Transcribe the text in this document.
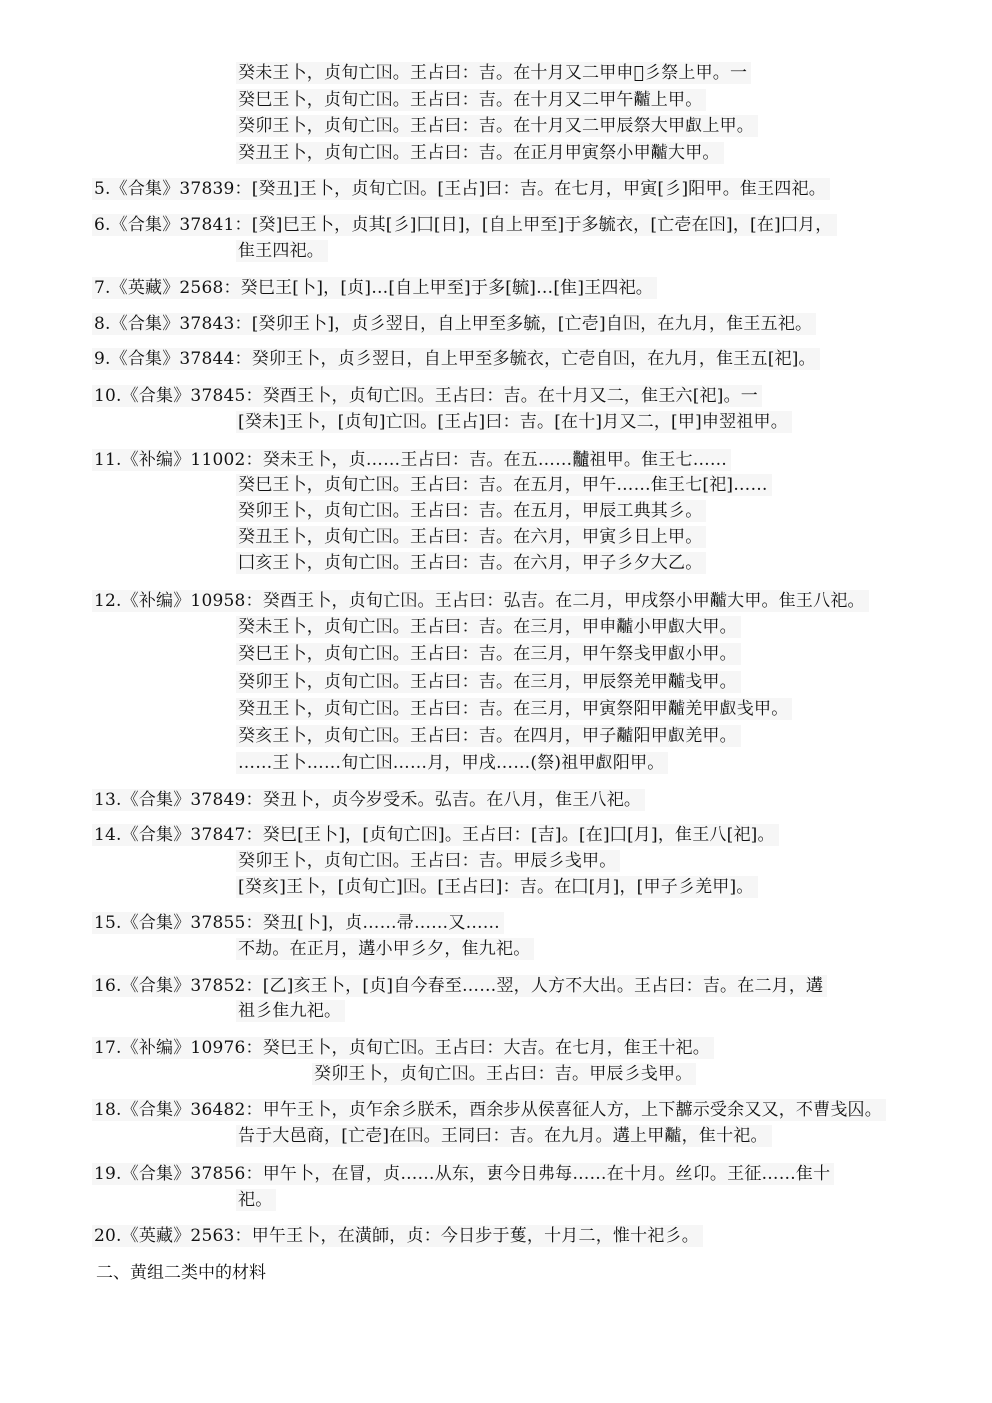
癸未王卜，贞旬亡𡆥。王占曰：吉。在十月又二甲申𦎫彡祭上甲。一
癸巳王卜，贞旬亡𡆥。王占曰：吉。在十月又二甲午𪓐上甲。
癸卯王卜，贞旬亡𡆥。王占曰：吉。在十月又二甲辰祭大甲𠭯上甲。
癸丑王卜，贞旬亡𡆥。王占曰：吉。在正月甲寅祭小甲𪓐大甲。
5.《合集》37839：[癸丑]王卜，贞旬亡𡆥。[王占]曰：吉。在七月，甲寅[彡]阳甲。隹王四祀。
6.《合集》37841：[癸]巳王卜，贞其[彡]囗[日]，[自上甲至]于多毓衣，[亡壱在𡆥]，[在]囗月，
隹王四祀。
7.《英藏》2568：癸巳王[卜]，[贞]…[自上甲至]于多[毓]…[隹]王四祀。
8.《合集》37843：[癸卯王卜]，贞彡翌日，自上甲至多毓，[亡壱]自𡆥，在九月，隹王五祀。
9.《合集》37844：癸卯王卜，贞彡翌日，自上甲至多毓衣，亡壱自𡆥，在九月，隹王五[祀]。
10.《合集》37845：癸酉王卜，贞旬亡𡆥。王占曰：吉。在十月又二，隹王六[祀]。一
[癸未]王卜，[贞旬]亡𡆥。[王占]曰：吉。[在十]月又二，[甲]申翌祖甲。
11.《补编》11002：癸未王卜，贞……王占曰：吉。在五……𪓐祖甲。隹王七……
癸巳王卜，贞旬亡𡆥。王占曰：吉。在五月，甲午……隹王七[祀]……
癸卯王卜，贞旬亡𡆥。王占曰：吉。在五月，甲辰工典其彡。
癸丑王卜，贞旬亡𡆥。王占曰：吉。在六月，甲寅彡日上甲。
囗亥王卜，贞旬亡𡆥。王占曰：吉。在六月，甲子彡夕大乙。
12.《补编》10958：癸酉王卜，贞旬亡𡆥。王占曰：弘吉。在二月，甲戌祭小甲𪓐大甲。隹王八祀。
癸未王卜，贞旬亡𡆥。王占曰：吉。在三月，甲申𪓐小甲𠭯大甲。
癸巳王卜，贞旬亡𡆥。王占曰：吉。在三月，甲午祭戋甲𠭯小甲。
癸卯王卜，贞旬亡𡆥。王占曰：吉。在三月，甲辰祭羌甲𪓐戋甲。
癸丑王卜，贞旬亡𡆥。王占曰：吉。在三月，甲寅祭阳甲𪓐羌甲𠭯戋甲。
癸亥王卜，贞旬亡𡆥。王占曰：吉。在四月，甲子𪓐阳甲𠭯羌甲。
……王卜……旬亡𡆥……月，甲戌……(祭)祖甲𠭯阳甲。
13.《合集》37849：癸丑卜，贞今岁受禾。弘吉。在八月，隹王八祀。
14.《合集》37847：癸巳[王卜]，[贞旬亡𡆥]。王占曰：[吉]。[在]囗[月]，隹王八[祀]。
癸卯王卜，贞旬亡𡆥。王占曰：吉。甲辰彡戋甲。
[癸亥]王卜，[贞旬亡]𡆥。[王占曰]：吉。在囗[月]，[甲子彡羌甲]。
15.《合集》37855：癸丑[卜]，贞……帚……又……
不劫。在正月，遘小甲彡夕，隹九祀。
16.《合集》37852：[乙]亥王卜，[贞]自今春至……翌，人方不大出。王占曰：吉。在二月，遘
祖彡隹九祀。
17.《补编》10976：癸巳王卜，贞旬亡𡆥。王占曰：大吉。在七月，隹王十祀。
癸卯王卜，贞旬亡𡆥。王占曰：吉。甲辰彡戋甲。
18.《合集》36482：甲午王卜，贞乍余彡朕禾，酉余步从侯喜征人方，上下𢅺示受余又又，不曹戋囚。
告于大邑商，[亡壱]在𡆥。王同曰：吉。在九月。遘上甲𪓐，隹十祀。
19.《合集》37856：甲午卜，在冒，贞……从东，叀今日弗每……在十月。丝卬。王征……隹十
祀。
20.《英藏》2563：甲午王卜，在潢師，贞：今日步于蒦，十月二，惟十祀彡。
二、黄组二类中的材料
